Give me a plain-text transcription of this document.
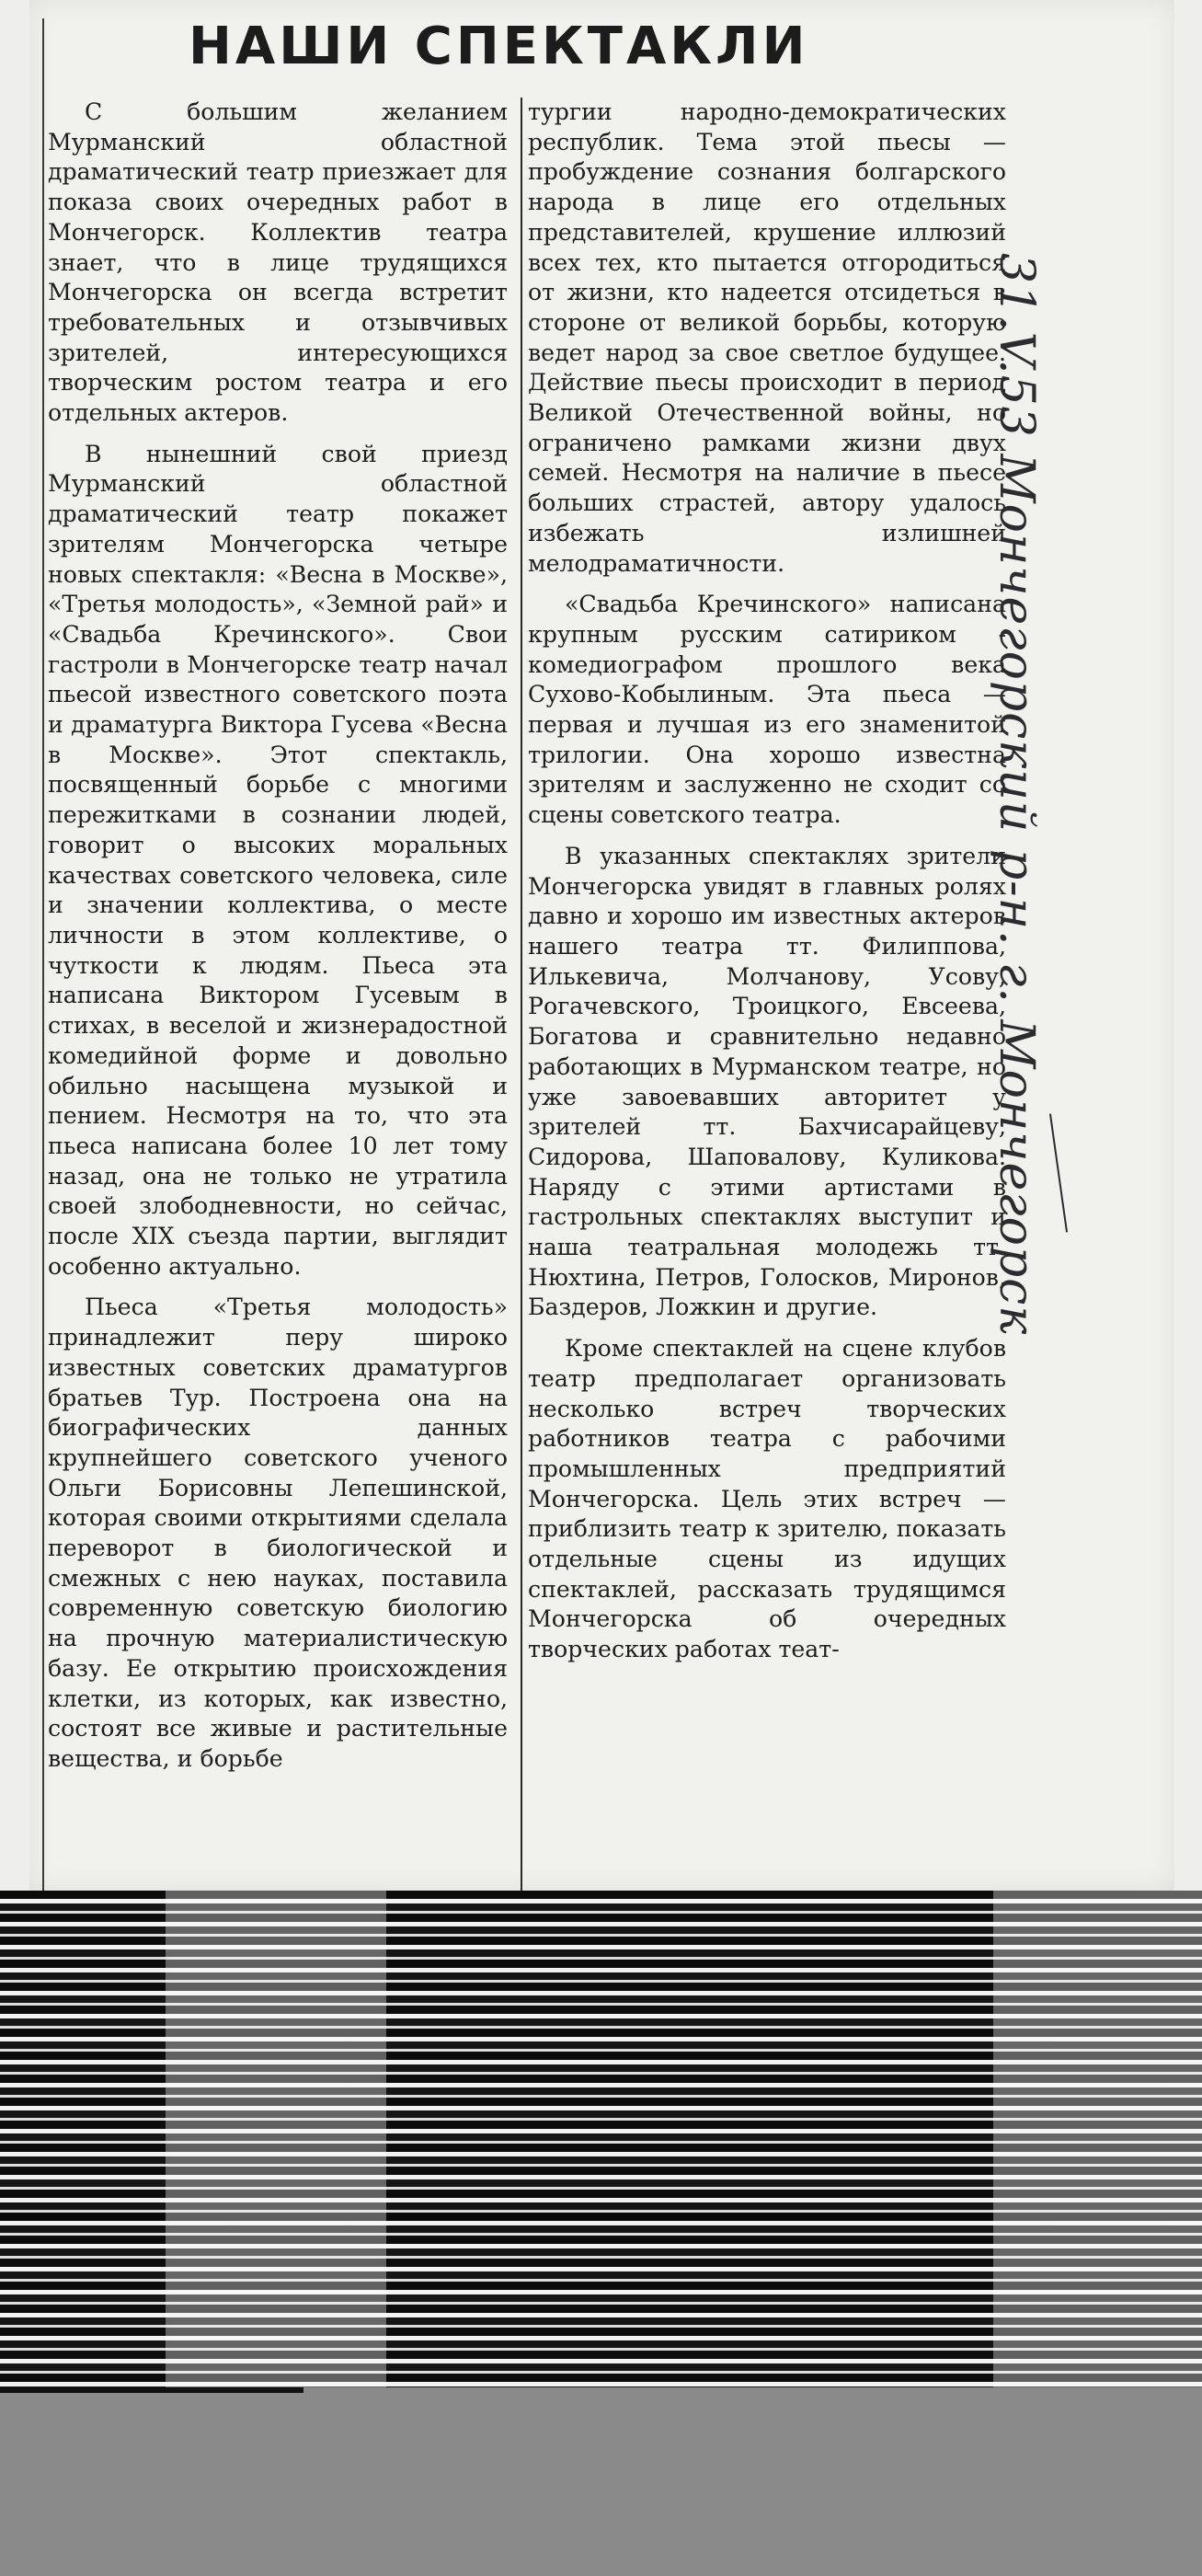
НАШИ СПЕКТАКЛИ

С большим желанием Мурманский областной драматический театр приезжает для показа своих очередных работ в Мончегорск. Коллектив театра знает, что в лице трудящихся Мончегорска он всегда встретит требовательных и отзывчивых зрителей, интересующихся творческим ростом театра и его отдельных актеров.

В нынешний свой приезд Мурманский областной драматический театр покажет зрителям Мончегорска четыре новых спектакля: «Весна в Москве», «Третья молодость», «Земной рай» и «Свадьба Кречинского». Свои гастроли в Мончегорске театр начал пьесой известного советского поэта и драматурга Виктора Гусева «Весна в Москве». Этот спектакль, посвященный борьбе с многими пережитками в сознании людей, говорит о высоких моральных качествах советского человека, силе и значении коллектива, о месте личности в этом коллективе, о чуткости к людям. Пьеса эта написана Виктором Гусевым в стихах, в веселой и жизнерадостной комедийной форме и довольно обильно насыщена музыкой и пением. Несмотря на то, что эта пьеса написана более 10 лет тому назад, она не только не утратила своей злободневности, но сейчас, после XIX съезда партии, выглядит особенно актуально.

Пьеса «Третья молодость» принадлежит перу широко известных советских драматургов братьев Тур. Построена она на биографических данных крупнейшего советского ученого Ольги Борисовны Лепешинской, которая своими открытиями сделала переворот в биологической и смежных с нею науках, поставила современную советскую биологию на прочную материалистическую базу. Ее открытию происхождения клетки, из которых, как известно, состоят все живые и растительные вещества, и борьбе

тургии народно-демократических республик. Тема этой пьесы — пробуждение сознания болгарского народа в лице его отдельных представителей, крушение иллюзий всех тех, кто пытается отгородиться от жизни, кто надеется отсидеться в стороне от великой борьбы, которую ведет народ за свое светлое будущее. Действие пьесы происходит в период Великой Отечественной войны, но ограничено рамками жизни двух семей. Несмотря на наличие в пьесе больших страстей, автору удалось избежать излишней мелодраматичности.

«Свадьба Кречинского» написана крупным русским сатириком - комедиографом прошлого века Сухово-Кобылиным. Эта пьеса — первая и лучшая из его знаменитой трилогии. Она хорошо известна зрителям и заслуженно не сходит со сцены советского театра.

В указанных спектаклях зрители Мончегорска увидят в главных ролях давно и хорошо им известных актеров нашего театра тт. Филиппова, Илькевича, Молчанову, Усову, Рогачевского, Троицкого, Евсеева, Богатова и сравнительно недавно работающих в Мурманском театре, но уже завоевавших авторитет у зрителей тт. Бахчисарайцеву, Сидорова, Шаповалову, Куликова. Наряду с этими артистами в гастрольных спектаклях выступит и наша театральная молодежь тт. Нюхтина, Петров, Голосков, Миронов, Баздеров, Ложкин и другие.

Кроме спектаклей на сцене клубов театр предполагает организовать несколько встреч творческих работников театра с рабочими промышленных предприятий Мончегорска. Цель этих встреч — приблизить театр к зрителю, показать отдельные сцены из идущих спектаклей, рассказать трудящимся Мончегорска об очередных творческих работах теат-

31.V.53 Мончегорский р-н. г. Мончегорск
